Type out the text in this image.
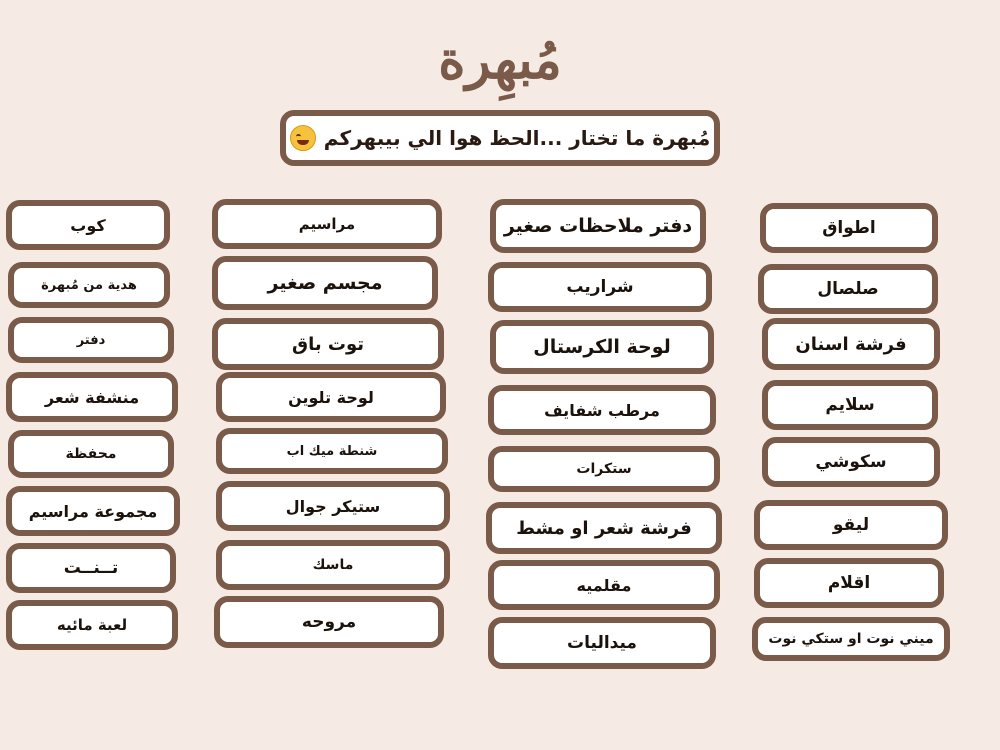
مُبهِرة
مُبهرة ما تختار ...الحظ هوا الي بيبهركم
اطواق
صلصال
فرشة اسنان
سلايم
سكوشي
ليقو
اقلام
ميني نوت او ستكي نوت
دفتر ملاحظات صغير
شراريب
لوحة الكرستال
مرطب شفايف
ستكرات
فرشة شعر او مشط
مقلميه
ميداليات
مراسيم
مجسم صغير
توت باق
لوحة تلوين
شنطة ميك اب
ستيكر جوال
ماسك
مروحه
كوب
هدية من مُبهرة
دفتر
منشفة شعر
محفظة
مجموعة مراسيم
تــنــت
لعبة مائيه
